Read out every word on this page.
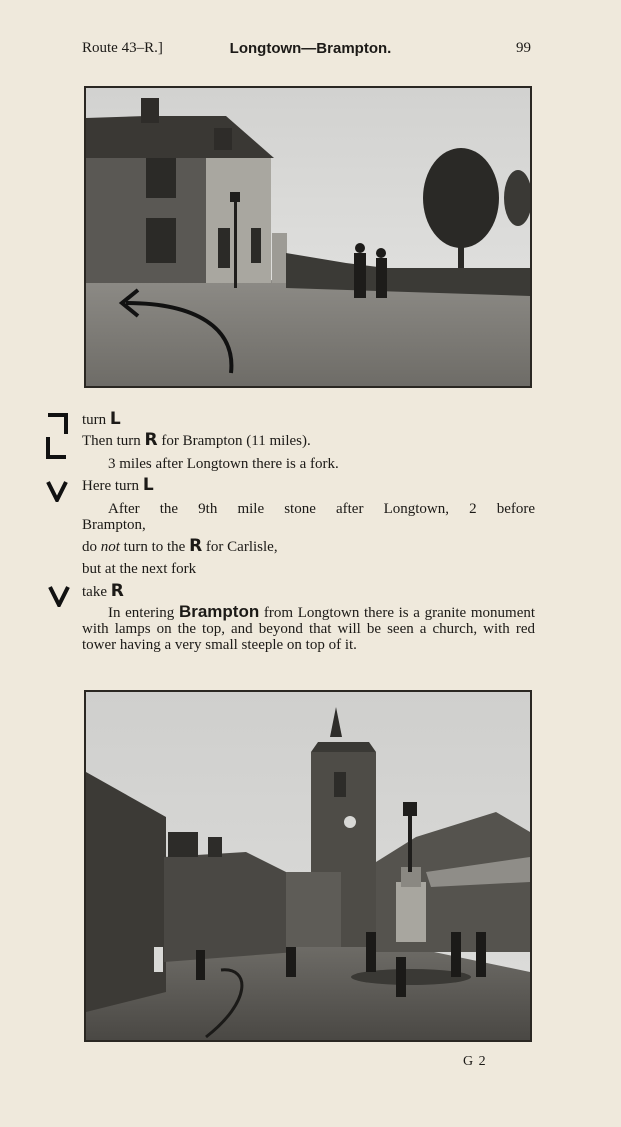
Route 43–R.]	Longtown—Brampton.	99
turn L
Then turn R for Brampton (11 miles).
3 miles after Longtown there is a fork.
Here turn L
After the 9th mile stone after Longtown, 2 before
Brampton,
do not turn to the R for Carlisle,
but at the next fork
take R
In entering Brampton from Longtown there is a granite monument with lamps on the top, and beyond that will be seen a church, with red tower having a very small steeple on top of it.
G 2
